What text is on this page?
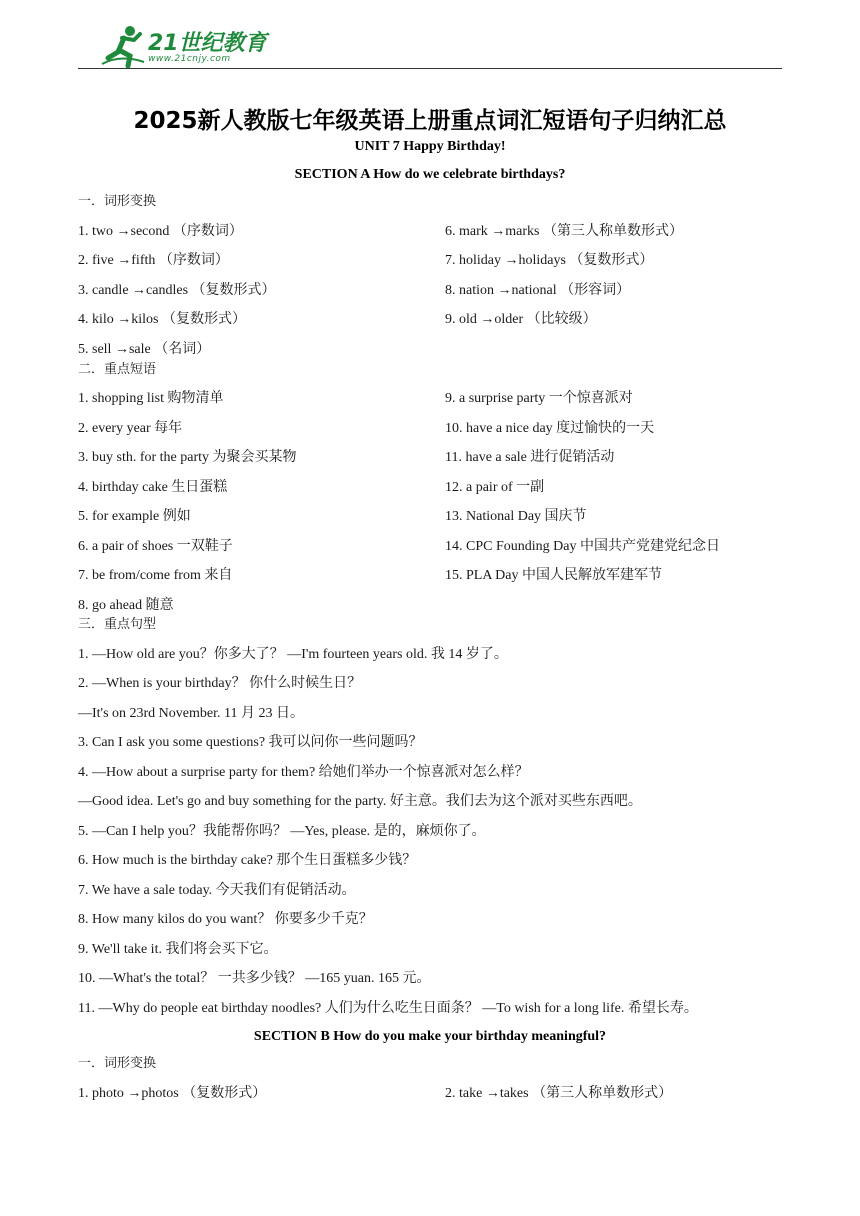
21世纪教育
www.21cnjy.com
2025新人教版七年级英语上册重点词汇短语句子归纳汇总
UNIT 7 Happy Birthday!
SECTION A How do we celebrate birthdays?
一．词形变换
1. two →second （序数词）
2. five →fifth （序数词）
3. candle →candles （复数形式）
4. kilo →kilos （复数形式）
5. sell →sale （名词）
6. mark →marks （第三人称单数形式）
7. holiday →holidays （复数形式）
8. nation →national （形容词）
9. old →older （比较级）
二．重点短语
1. shopping list 购物清单
2. every year 每年
3. buy sth. for the party 为聚会买某物
4. birthday cake 生日蛋糕
5. for example 例如
6. a pair of shoes 一双鞋子
7. be from/come from 来自
8. go ahead 随意
9. a surprise party 一个惊喜派对
10. have a nice day 度过愉快的一天
11. have a sale 进行促销活动
12. a pair of 一副
13. National Day 国庆节
14. CPC Founding Day 中国共产党建党纪念日
15. PLA Day 中国人民解放军建军节
三．重点句型
1. —How old are you？你多大了？ —I'm fourteen years old. 我 14 岁了。
2. —When is your birthday？ 你什么时候生日？
—It's on 23rd November. 11 月 23 日。
3. Can I ask you some questions? 我可以问你一些问题吗？
4. —How about a surprise party for them? 给她们举办一个惊喜派对怎么样？
—Good idea. Let's go and buy something for the party. 好主意。我们去为这个派对买些东西吧。
5. —Can I help you？我能帮你吗？ —Yes, please. 是的，麻烦你了。
6. How much is the birthday cake? 那个生日蛋糕多少钱？
7. We have a sale today. 今天我们有促销活动。
8. How many kilos do you want？ 你要多少千克？
9. We'll take it. 我们将会买下它。
10. —What's the total？ 一共多少钱？ —165 yuan. 165 元。
11. —Why do people eat birthday noodles? 人们为什么吃生日面条？ —To wish for a long life. 希望长寿。
SECTION B How do you make your birthday meaningful?
一．词形变换
1. photo →photos （复数形式）	2. take →takes （第三人称单数形式）
